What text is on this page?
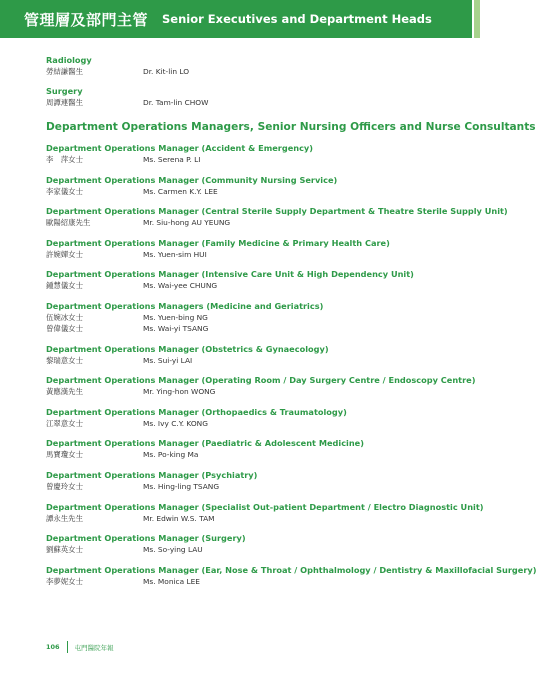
管理層及部門主管 Senior Executives and Department Heads
Radiology
勞結謙醫生	Dr. Kit-lin LO
Surgery
周譚連醫生	Dr. Tam-lin CHOW
Department Operations Managers, Senior Nursing Officers and Nurse Consultants
Department Operations Manager (Accident & Emergency)
李　萍女士	Ms. Serena P. LI
Department Operations Manager (Community Nursing Service)
李家儀女士	Ms. Carmen K.Y. LEE
Department Operations Manager (Central Sterile Supply Department & Theatre Sterile Supply Unit)
歐陽紹康先生	Mr. Siu-hong AU YEUNG
Department Operations Manager (Family Medicine & Primary Health Care)
許婉嬋女士	Ms. Yuen-sim HUI
Department Operations Manager (Intensive Care Unit & High Dependency Unit)
鍾慧儀女士	Ms. Wai-yee CHUNG
Department Operations Managers (Medicine and Geriatrics)
伍婉冰女士	Ms. Yuen-bing NG
曾偉儀女士	Ms. Wai-yi TSANG
Department Operations Manager (Obstetrics & Gynaecology)
黎瑞意女士	Ms. Sui-yi LAI
Department Operations Manager (Operating Room / Day Surgery Centre / Endoscopy Centre)
黃應漢先生	Mr. Ying-hon WONG
Department Operations Manager (Orthopaedics & Traumatology)
江翠意女士	Ms. Ivy C.Y. KONG
Department Operations Manager (Paediatric & Adolescent Medicine)
馬寶瓊女士	Ms. Po-king Ma
Department Operations Manager (Psychiatry)
曾慶玲女士	Ms. Hing-ling TSANG
Department Operations Manager (Specialist Out-patient Department / Electro Diagnostic Unit)
譚永生先生	Mr. Edwin W.S. TAM
Department Operations Manager (Surgery)
劉蘇英女士	Ms. So-ying LAU
Department Operations Manager (Ear, Nose & Throat / Ophthalmology / Dentistry & Maxillofacial Surgery)
李夢妮女士	Ms. Monica LEE
106 屯門醫院年報
